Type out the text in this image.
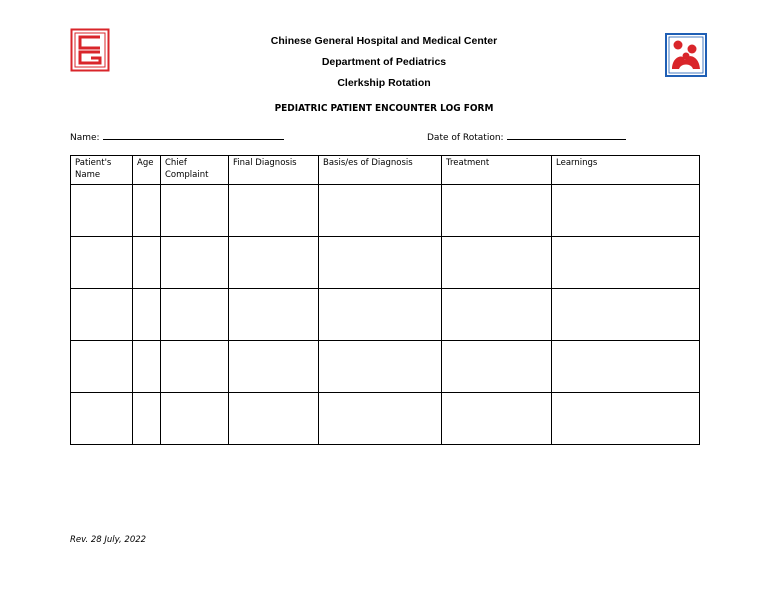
Chinese General Hospital and Medical Center
Department of Pediatrics
Clerkship Rotation
PEDIATRIC PATIENT ENCOUNTER LOG FORM
Name:	Date of Rotation:
Patient's Name	Age	Chief Complaint	Final Diagnosis	Basis/es of Diagnosis	Treatment	Learnings

Rev. 28 July, 2022
